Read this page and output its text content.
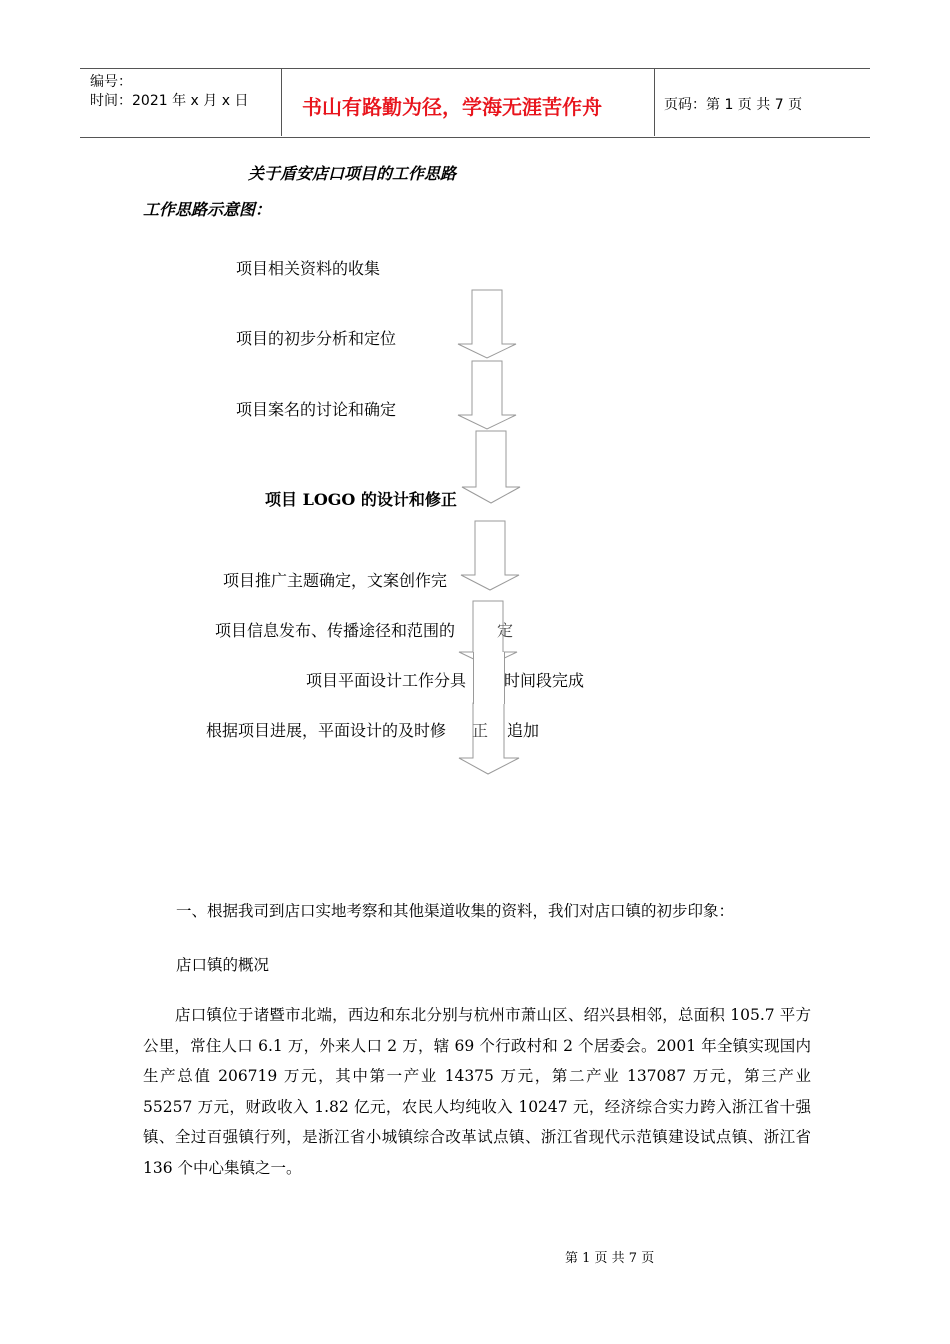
编号：
时间：2021 年 x 月 x 日	书山有路勤为径，学海无涯苦作舟	页码：第 1 页 共 7 页
关于盾安店口项目的工作思路
工作思路示意图：
项目相关资料的收集
项目的初步分析和定位
项目案名的讨论和确定
项目 LOGO 的设计和修正
项目推广主题确定，文案创作完
项目信息发布、传播途径和范围的	定
项目平面设计工作分具 时间段完成
根据项目进展，平面设计的及时修 正 追加
一、根据我司到店口实地考察和其他渠道收集的资料，我们对店口镇的初步印象：
店口镇的概况
店口镇位于诸暨市北端，西边和东北分别与杭州市萧山区、绍兴县相邻，总面积 105.7 平方公里，常住人口 6.1 万，外来人口 2 万，辖 69 个行政村和 2 个居委会。2001 年全镇实现国内生产总值 206719 万元，其中第一产业 14375 万元，第二产业 137087 万元，第三产业 55257 万元，财政收入 1.82 亿元，农民人均纯收入 10247 元，经济综合实力跨入浙江省十强镇、全过百强镇行列，是浙江省小城镇综合改革试点镇、浙江省现代示范镇建设试点镇、浙江省 136 个中心集镇之一。
第 1 页 共 7 页
